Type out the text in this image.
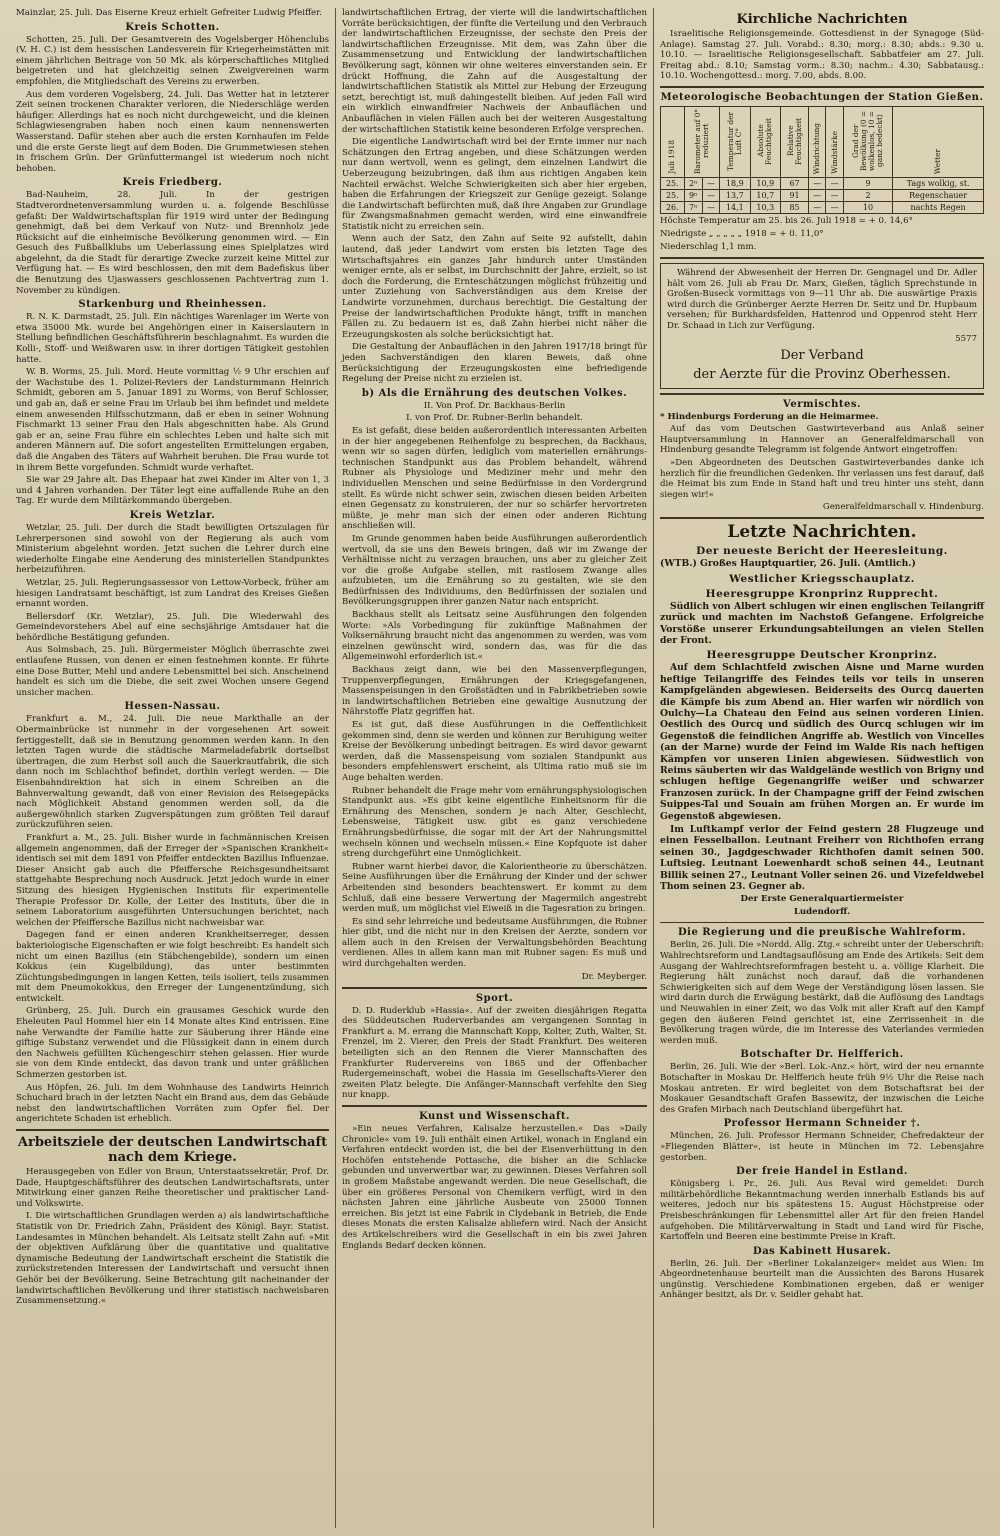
Mainzlar, 25. Juli. Das Eiserne Kreuz erhielt Gefreiter Ludwig Pfeiffer.

Kreis Schotten.

Schotten, 25. Juli. Der Gesamtverein des Vogelsberger Höhenclubs (V. H. C.) ist dem hessischen Landesverein für Kriegerheimstätten mit einem jährlichen Beitrage von 50 Mk. als körperschaftliches Mitglied beigetreten und hat gleichzeitig seinen Zweigvereinen warm empfohlen, die Mitgliedschaft des Vereins zu erwerben.

Aus dem vorderen Vogelsberg, 24. Juli. Das Wetter hat in letzterer Zeit seinen trockenen Charakter verloren, die Niederschläge werden häufiger. Allerdings hat es noch nicht durchgeweicht, und die kleinen Schlagwiesengraben haben noch einen kaum nennenswerten Wasserstand. Dafür stehen aber auch die ersten Kornhaufen im Felde und die erste Gerste liegt auf dem Boden. Die Grummetwiesen stehen in frischem Grün. Der Grünfuttermangel ist wiederum noch nicht behoben.

Kreis Friedberg.

Bad-Nauheim, 28. Juli. In der gestrigen Stadtverordnetenversammlung wurden u. a. folgende Beschlüsse gefaßt: Der Waldwirtschaftsplan für 1919 wird unter der Bedingung genehmigt, daß bei dem Verkauf von Nutz- und Brennholz jede Rücksicht auf die einheimische Bevölkerung genommen wird. — Ein Gesuch des Fußballklubs um Ueberlassung eines Spielplatzes wird abgelehnt, da die Stadt für derartige Zwecke zurzeit keine Mittel zur Verfügung hat. — Es wird beschlossen, den mit dem Badefiskus über die Benutzung des Ujaswassers geschlossenen Pachtvertrag zum 1. November zu kündigen.

Starkenburg und Rheinhessen.

R. N. K. Darmstadt, 25. Juli. Ein nächtiges Warenlager im Werte von etwa 35000 Mk. wurde bei Angehörigen einer in Kaiserslautern in Stellung befindlichen Geschäftsführerin beschlagnahmt. Es wurden die Kolli-, Stoff- und Weißwaren usw. in ihrer dortigen Tätigkeit gestohlen hatte.

W. B. Worms, 25. Juli. Mord. Heute vormittag ½ 9 Uhr erschien auf der Wachstube des 1. Polizei-Reviers der Landsturmmann Heinrich Schmidt, geboren am 5. Januar 1891 zu Worms, von Beruf Schlosser, und gab an, daß er seine Frau im Urlaub bei ihm befindet und meldete einem anwesenden Hilfsschutzmann, daß er eben in seiner Wohnung Fischmarkt 13 seiner Frau den Hals abgeschnitten habe. Als Grund gab er an, seine Frau führe ein schlechtes Leben und halte sich mit anderen Männern auf. Die sofort angestellten Ermittelungen ergaben, daß die Angaben des Täters auf Wahrheit beruhen. Die Frau wurde tot in ihrem Bette vorgefunden. Schmidt wurde verhaftet.

Sie war 29 Jahre alt. Das Ehepaar hat zwei Kinder im Alter von 1, 3 und 4 Jahren vorhanden. Der Täter legt eine auffallende Ruhe an den Tag. Er wurde dem Militärkommando übergeben.

Kreis Wetzlar.

Wetzlar, 25. Juli. Der durch die Stadt bewilligten Ortszulagen für Lehrerpersonen sind sowohl von der Regierung als auch vom Ministerium abgelehnt worden. Jetzt suchen die Lehrer durch eine wiederholte Eingabe eine Aenderung des ministeriellen Standpunktes herbeizuführen.

Wetzlar, 25. Juli. Regierungsassessor von Lettow-Vorbeck, früher am hiesigen Landratsamt beschäftigt, ist zum Landrat des Kreises Gießen ernannt worden.

Bellersdorf (Kr. Wetzlar), 25. Juli. Die Wiederwahl des Gemeindevorstehers Abel auf eine sechsjährige Amtsdauer hat die behördliche Bestätigung gefunden.

Aus Solmsbach, 25. Juli. Bürgermeister Möglich überraschte zwei entlaufene Russen, von denen er einen festnehmen konnte. Er führte eine Dose Butter, Mehl und andere Lebensmittel bei sich. Anscheinend handelt es sich um die Diebe, die seit zwei Wochen unsere Gegend unsicher machen.

Hessen-Nassau.

Frankfurt a. M., 24. Juli. Die neue Markthalle an der Obermainbrücke ist nunmehr in der vorgesehenen Art soweit fertiggestellt, daß sie in Benutzung genommen werden kann. In den letzten Tagen wurde die städtische Marmeladefabrik dortselbst übertragen, die zum Herbst soll auch die Sauerkrautfabrik, die sich dann noch im Schlachthof befindet, dorthin verlegt werden. — Die Eisenbahndirektion hat sich in einem Schreiben an die Bahnverwaltung gewandt, daß von einer Revision des Reisegepäcks nach Möglichkeit Abstand genommen werden soll, da die außergewöhnlich starken Zugverspätungen zum größten Teil darauf zurückzuführen seien.

Frankfurt a. M., 25. Juli. Bisher wurde in fachmännischen Kreisen allgemein angenommen, daß der Erreger der »Spanischen Krankheit« identisch sei mit dem 1891 von Pfeiffer entdeckten Bazillus Influenzae. Dieser Ansicht gab auch die Pfeiffersche Reichsgesundheitsamt stattgehabte Besprechung noch Ausdruck. Jetzt jedoch wurde in einer Sitzung des hiesigen Hygienischen Instituts für experimentelle Therapie Professor Dr. Kolle, der Leiter des Instituts, über die in seinem Laboratorium ausgeführten Untersuchungen berichtet, nach welchen der Pfeiffersche Bazillus nicht nachweisbar war.

Dagegen fand er einen anderen Krankheitserreger, dessen bakteriologische Eigenschaften er wie folgt beschreibt: Es handelt sich nicht um einen Bazillus (ein Stäbchengebilde), sondern um einen Kokkus (ein Kugelbildung), das unter bestimmten Züchtungsbedingungen in langen Ketten, teils isoliert, teils zusammen mit dem Pneumokokkus, den Erreger der Lungenentzündung, sich entwickelt.

Grünberg, 25. Juli. Durch ein grausames Geschick wurde den Eheleuten Paul Hommel hier ein 14 Monate altes Kind entrissen. Eine nahe Verwandte der Familie hatte zur Säuberung ihrer Hände eine giftige Substanz verwendet und die Flüssigkeit dann in einem durch den Nachweis gefüllten Küchengeschirr stehen gelassen. Hier wurde sie von dem Kinde entdeckt, das davon trank und unter gräßlichen Schmerzen gestorben ist.

Aus Höpfen, 26. Juli. Im dem Wohnhause des Landwirts Heinrich Schuchard brach in der letzten Nacht ein Brand aus, dem das Gebäude nebst den landwirtschaftlichen Vorräten zum Opfer fiel. Der angerichtete Schaden ist erheblich.

Arbeitsziele der deutschen Landwirtschaft nach dem Kriege.

Herausgegeben von Edler von Braun, Unterstaatssekretär, Prof. Dr. Dade, Hauptgeschäftsführer des deutschen Landwirtschaftsrats, unter Mitwirkung einer ganzen Reihe theoretischer und praktischer Land- und Volkswirte.

I. Die wirtschaftlichen Grundlagen werden a) als landwirtschaftliche Statistik von Dr. Friedrich Zahn, Präsident des Königl. Bayr. Statist. Landesamtes in München behandelt. Als Leitsatz stellt Zahn auf: »Mit der objektiven Aufklärung über die quantitative und qualitative dynamische Bedeutung der Landwirtschaft erscheint die Statistik die zurückstretenden Interessen der Landwirtschaft und versucht ihnen Gehör bei der Bevölkerung. Seine Betrachtung gilt nacheinander der landwirtschaftlichen Bevölkerung und ihrer statistisch nachweisbaren Zusammensetzung.«

landwirtschaftlichen Ertrag, der vierte will die landwirtschaftlichen Vorräte berücksichtigen, der fünfte die Verteilung und den Verbrauch der landwirtschaftlichen Erzeugnisse, der sechste den Preis der landwirtschaftlichen Erzeugnisse. Mit dem, was Zahn über die Zusammensetzung und Entwicklung der landwirtschaftlichen Bevölkerung sagt, können wir ohne weiteres einverstanden sein. Er drückt Hoffnung, die Zahn auf die Ausgestaltung der landwirtschaftlichen Statistik als Mittel zur Hebung der Erzeugung setzt, berechtigt ist, muß dahingestellt bleiben. Auf jeden Fall wird ein wirklich einwandfreier Nachweis der Anbauflächen und Anbauflächen in vielen Fällen auch bei der weiteren Ausgestaltung der wirtschaftlichen Statistik keine besonderen Erfolge versprechen.

Die eigentliche Landwirtschaft wird bei der Ernte immer nur nach Schätzungen den Ertrag angeben, und diese Schätzungen werden nur dann wertvoll, wenn es gelingt, dem einzelnen Landwirt die Ueberzeugung beizubringen, daß ihm aus richtigen Angaben kein Nachteil erwächst. Welche Schwierigkeiten sich aber hier ergeben, haben die Erfahrungen der Kriegszeit zur Genüge gezeigt. Solange die Landwirtschaft befürchten muß, daß ihre Angaben zur Grundlage für Zwangsmaßnahmen gemacht werden, wird eine einwandfreie Statistik nicht zu erreichen sein.

Wenn auch der Satz, den Zahn auf Seite 92 aufstellt, dahin lautend, daß jeder Landwirt vom ersten bis letzten Tage des Wirtschaftsjahres ein ganzes Jahr hindurch unter Umständen weniger ernte, als er selbst, im Durchschnitt der Jahre, erzielt, so ist doch die Forderung, die Ernteschätzungen möglichst frühzeitig und unter Zuziehung von Sachverständigen aus dem Kreise der Landwirte vorzunehmen, durchaus berechtigt. Die Gestaltung der Preise der landwirtschaftlichen Produkte hängt, trifft in manchen Fällen zu. Zu bedauern ist es, daß Zahn hierbei nicht näher die Erzeugungskosten als solche berücksichtigt hat.

Die Gestaltung der Anbauflächen in den Jahren 1917/18 bringt für jeden Sachverständigen den klaren Beweis, daß ohne Berücksichtigung der Erzeugungskosten eine befriedigende Regelung der Preise nicht zu erzielen ist.

b) Als die Ernährung des deutschen Volkes.

II. Von Prof. Dr. Backhaus-Berlin

I. von Prof. Dr. Rubner-Berlin behandelt.

Es ist gefaßt, diese beiden außerordentlich interessanten Arbeiten in der hier angegebenen Reihenfolge zu besprechen, da Backhaus, wenn wir so sagen dürfen, lediglich vom materiellen ernährungs-technischen Standpunkt aus das Problem behandelt, während Rubner als Physiologe und Mediziner mehr und mehr den individuellen Menschen und seine Bedürfnisse in den Vordergrund stellt. Es würde nicht schwer sein, zwischen diesen beiden Arbeiten einen Gegensatz zu konstruieren, der nur so schärfer hervortreten müßte, je mehr man sich der einen oder anderen Richtung anschließen will.

Im Grunde genommen haben beide Ausführungen außerordentlich wertvoll, da sie uns den Beweis bringen, daß wir im Zwange der Verhältnisse nicht zu verzagen brauchen, uns aber zu gleicher Zeit vor die große Aufgabe stellen, mit rastlosem Zwange alles aufzubieten, um die Ernährung so zu gestalten, wie sie den Bedürfnissen des Individuums, den Bedürfnissen der sozialen und Bevölkerungsgruppen ihrer ganzen Natur nach entspricht.

Backhaus stellt als Leitsatz seine Ausführungen den folgenden Worte: »Als Vorbedingung für zukünftige Maßnahmen der Volksernährung braucht nicht das angenommen zu werden, was vom einzelnen gewünscht wird, sondern das, was für die das Allgemeinwohl erforderlich ist.«

Backhaus zeigt dann, wie bei den Massenverpflegungen, Truppenverpflegungen, Ernährungen der Kriegsgefangenen, Massenspeisungen in den Großstädten und in Fabrikbetrieben sowie in landwirtschaftlichen Betrieben eine gewaltige Ausnutzung der Nährstoffe Platz gegriffen hat.

Es ist gut, daß diese Ausführungen in die Oeffentlichkeit gekommen sind, denn sie werden und können zur Beruhigung weiter Kreise der Bevölkerung unbedingt beitragen. Es wird davor gewarnt werden, daß die Massenspeisung vom sozialen Standpunkt aus besonders empfehlenswert erscheint, als Ultima ratio muß sie im Auge behalten werden.

Rubner behandelt die Frage mehr vom ernährungsphysiologischen Standpunkt aus. »Es gibt keine eigentliche Einheitsnorm für die Ernährung des Menschen, sondern je nach Alter, Geschlecht, Lebensweise, Tätigkeit usw. gibt es ganz verschiedene Ernährungsbedürfnisse, die sogar mit der Art der Nahrungsmittel wechseln können und wechseln müssen.« Eine Kopfquote ist daher streng durchgeführt eine Unmöglichkeit.

Rubner warnt hierbei davor, die Kalorientheorie zu überschätzen. Seine Ausführungen über die Ernährung der Kinder und der schwer Arbeitenden sind besonders beachtenswert. Er kommt zu dem Schluß, daß eine bessere Verwertung der Magermilch angestrebt werden muß, um möglichst viel Eiweiß in die Tagesration zu bringen.

Es sind sehr lehrreiche und bedeutsame Ausführungen, die Rubner hier gibt, und die nicht nur in den Kreisen der Aerzte, sondern vor allem auch in den Kreisen der Verwaltungsbehörden Beachtung verdienen. Alles in allem kann man mit Rubner sagen: Es muß und wird durchgehalten werden.

Dr. Meyberger.
Sport.

D. D. Ruderklub »Hassia«. Auf der zweiten diesjährigen Regatta des Süddeutschen Ruderverbandes am vergangenen Sonntag in Frankfurt a. M. errang die Mannschaft Kopp, Kolter, Zuth, Walter, St. Frenzel, im 2. Vierer, den Preis der Stadt Frankfurt. Des weiteren beteiligten sich an den Rennen die Vierer Mannschaften des Frankfurter Rudervereins von 1865 und der Offenbacher Rudergemeinschaft, wobei die Hassia im Gesellschafts-Vierer den zweiten Platz belegte. Die Anfänger-Mannschaft verfehlte den Sieg nur knapp.

Kunst und Wissenschaft.

»Ein neues Verfahren, Kalisalze herzustellen.« Das »Daily Chronicle« vom 19. Juli enthält einen Artikel, wonach in England ein Verfahren entdeckt worden ist, die bei der Eisenverhüttung in den Hochöfen entstehende Pottasche, die bisher an die Schlacke gebunden und unverwertbar war, zu gewinnen. Dieses Verfahren soll in großem Maßstabe angewandt werden. Die neue Gesellschaft, die über ein größeres Personal von Chemikern verfügt, wird in den nächsten Jahren eine jährliche Ausbeute von 25000 Tonnen erreichen. Bis jetzt ist eine Fabrik in Clydebank in Betrieb, die Ende dieses Monats die ersten Kalisalze abliefern wird. Nach der Ansicht des Artikelschreibers wird die Gesellschaft in ein bis zwei Jahren Englands Bedarf decken können.

Kirchliche Nachrichten

Israelitische Religionsgemeinde. Gottesdienst in der Synagoge (Süd-Anlage). Samstag 27. Juli. Vorabd.: 8.30; morg.: 8.30; abds.: 9.30 u. 10.10. — Israelitische Religionsgesellschaft. Sabbatfeier am 27. Juli. Freitag abd.: 8.10; Samstag vorm.: 8.30; nachm.: 4.30; Sabbatausg.: 10.10. Wochengottesd.: morg. 7.00, abds. 8.00.

Meteorologische Beobachtungen der Station Gießen.
Juli 1918	Barometer auf 0° reduziert		Temperatur der Luft C°	Absolute Feuchtigkeit	Relative Feuchtigkeit	Windrichtung	Windstärke	Grad der Bewölkung (0 = wolkenlos, 10 = ganz bedeckt)	Wetter
25.	2ⁿ	—	18,9	10,9	67	—	—	9	Tags wolkig, st.
25.	9ⁿ	—	13,7	10,7	91	—	—	2	Regenschauer
26.	7ⁿ	—	14,1	10,3	85	—	—	10	nachts Regen
Höchste Temperatur am 25. bis 26. Juli 1918 = + 0. 14,6°
Niedrigste „ „ „ „ „ 1918 = + 0. 11,0°
Niederschlag 1,1 mm.

Während der Abwesenheit der Herren Dr. Gengnagel und Dr. Adler hält vom 26. Juli ab Frau Dr. Marx, Gießen, täglich Sprechstunde in Großen-Buseck vormittags von 9—11 Uhr ab. Die auswärtige Praxis wird durch die Grünberger Aerzte Herren Dr. Seitz und Dr. Hupbaum versehen; für Burkhardsfelden, Hattenrod und Oppenrod steht Herr Dr. Schaad in Lich zur Verfügung.

5577
Der Verband
der Aerzte für die Provinz Oberhessen.
Vermischtes.

* Hindenburgs Forderung an die Heimarmee.

Auf das vom Deutschen Gastwirteverband aus Anlaß seiner Hauptversammlung in Hannover an Generalfeldmarschall von Hindenburg gesandte Telegramm ist folgende Antwort eingetroffen:

»Den Abgeordneten des Deutschen Gastwirteverbandes danke ich herzlich für die freundlichen Gedenken. Ihr verlassen uns fest darauf, daß die Heimat bis zum Ende in Stand haft und treu hinter uns steht, dann siegen wir!«

Generalfeldmarschall v. Hindenburg.
Letzte Nachrichten.
Der neueste Bericht der Heeresleitung.

(WTB.) Großes Hauptquartier, 26. Juli. (Amtlich.)

Westlicher Kriegsschauplatz.
Heeresgruppe Kronprinz Rupprecht.

Südlich von Albert schlugen wir einen englischen Teilangriff zurück und machten im Nachstoß Gefangene. Erfolgreiche Vorstöße unserer Erkundungsabteilungen an vielen Stellen der Front.

Heeresgruppe Deutscher Kronprinz.

Auf dem Schlachtfeld zwischen Aisne und Marne wurden heftige Teilangriffe des Feindes teils vor teils in unseren Kampfgeländen abgewiesen. Beiderseits des Ourcq dauerten die Kämpfe bis zum Abend an. Hier warfen wir nördlich von Oulchy—La Chateau den Feind aus seinen vorderen Linien. Oestlich des Ourcq und südlich des Ourcq schlugen wir im Gegenstoß die feindlichen Angriffe ab. Westlich von Vincelles (an der Marne) wurde der Feind im Walde Ris nach heftigen Kämpfen vor unseren Linien abgewiesen. Südwestlich von Reims säuberten wir das Waldgelände westlich von Brigny und schlugen heftige Gegenangriffe weißer und schwarzer Franzosen zurück. In der Champagne griff der Feind zwischen Suippes-Tal und Souain am frühen Morgen an. Er wurde im Gegenstoß abgewiesen.

Im Luftkampf verlor der Feind gestern 28 Flugzeuge und einen Fesselballon. Leutnant Freiherr von Richthofen errang seinen 30., Jagdgeschwader Richthofen damit seinen 500. Luftsieg. Leutnant Loewenhardt schoß seinen 44., Leutnant Billik seinen 27., Leutnant Voller seinen 26. und Vizefeldwebel Thom seinen 23. Gegner ab.

Der Erste Generalquartiermeister
Ludendorff.
Die Regierung und die preußische Wahlreform.

Berlin, 26. Juli. Die »Nordd. Allg. Ztg.« schreibt unter der Ueberschrift: Wahlrechtsreform und Landtagsauflösung am Ende des Artikels: Seit dem Ausgang der Wahlrechtsreformfragen besteht u. a. völlige Klarheit. Die Regierung hält zunächst noch darauf, daß die vorhandenen Schwierigkeiten sich auf dem Wege der Verständigung lösen lassen. Sie wird darin durch die Erwägung bestärkt, daß die Auflösung des Landtags und Neuwahlen in einer Zeit, wo das Volk mit aller Kraft auf den Kampf gegen den äußeren Feind gerichtet ist, eine Zerrissenheit in die Bevölkerung tragen würde, die im Interesse des Vaterlandes vermieden werden muß.

Botschafter Dr. Helfferich.

Berlin, 26. Juli. Wie der »Berl. Lok.-Anz.« hört, wird der neu ernannte Botschafter in Moskau Dr. Helfferich heute früh 9½ Uhr die Reise nach Moskau antreten. Er wird begleitet von dem Botschaftsrat bei der Moskauer Gesandtschaft Grafen Bassewitz, der inzwischen die Leiche des Grafen Mirbach nach Deutschland übergeführt hat.

Professor Hermann Schneider †.

München, 26. Juli. Professor Hermann Schneider, Chefredakteur der »Fliegenden Blätter«, ist heute in München im 72. Lebensjahre gestorben.

Der freie Handel in Estland.

Königsberg i. Pr., 26. Juli. Aus Reval wird gemeldet: Durch militärbehördliche Bekanntmachung werden innerhalb Estlands bis auf weiteres, jedoch nur bis spätestens 15. August Höchstpreise oder Preisbeschränkungen für Lebensmittel aller Art für den freien Handel aufgehoben. Die Militärverwaltung in Stadt und Land wird für Fische, Kartoffeln und Beeren eine bestimmte Preise in Kraft.

Das Kabinett Husarek.

Berlin, 26. Juli. Der »Berliner Lokalanzeiger« meldet aus Wien: Im Abgeordnetenhause beurteilt man die Aussichten des Barons Husarek ungünstig. Verschiedene Kombinationen ergeben, daß er weniger Anhänger besitzt, als Dr. v. Seidler gehabt hat.
